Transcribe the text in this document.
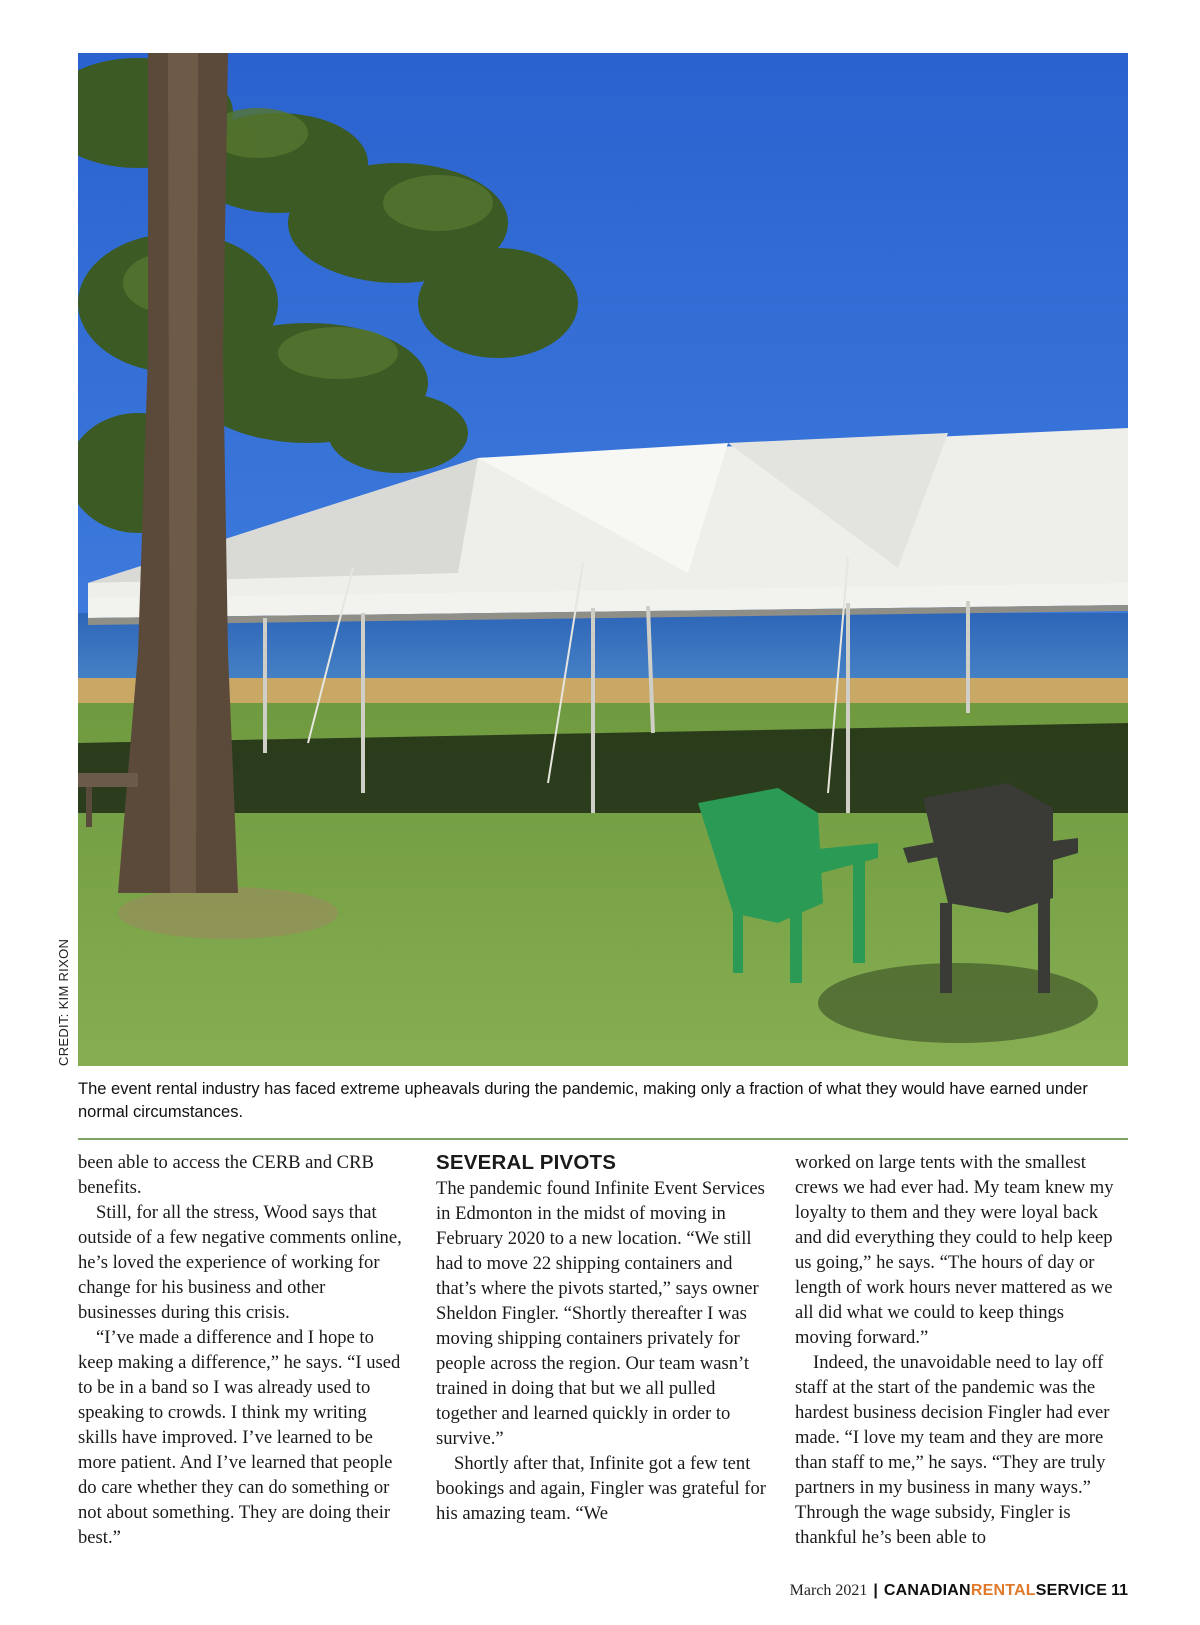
CREDIT: KIM RIXON
The event rental industry has faced extreme upheavals during the pandemic, making only a fraction of what they would have earned under normal circumstances.

been able to access the CERB and CRB benefits.

Still, for all the stress, Wood says that outside of a few negative comments online, he’s loved the experience of working for change for his business and other businesses during this crisis.

“I’ve made a difference and I hope to keep making a difference,” he says. “I used to be in a band so I was already used to speaking to crowds. I think my writing skills have improved. I’ve learned to be more patient. And I’ve learned that people do care whether they can do something or not about something. They are doing their best.”

SEVERAL PIVOTS

The pandemic found Infinite Event Services in Edmonton in the midst of moving in February 2020 to a new location. “We still had to move 22 shipping containers and that’s where the pivots started,” says owner Sheldon Fingler. “Shortly thereafter I was moving shipping containers privately for people across the region. Our team wasn’t trained in doing that but we all pulled together and learned quickly in order to survive.”

Shortly after that, Infinite got a few tent bookings and again, Fingler was grateful for his amazing team. “We

worked on large tents with the smallest crews we had ever had. My team knew my loyalty to them and they were loyal back and did everything they could to help keep us going,” he says. “The hours of day or length of work hours never mattered as we all did what we could to keep things moving forward.”

Indeed, the unavoidable need to lay off staff at the start of the pandemic was the hardest business decision Fingler had ever made. “I love my team and they are more than staff to me,” he says. “They are truly partners in my business in many ways.” Through the wage subsidy, Fingler is thankful he’s been able to

March 2021 | CANADIANRENTALSERVICE 11
